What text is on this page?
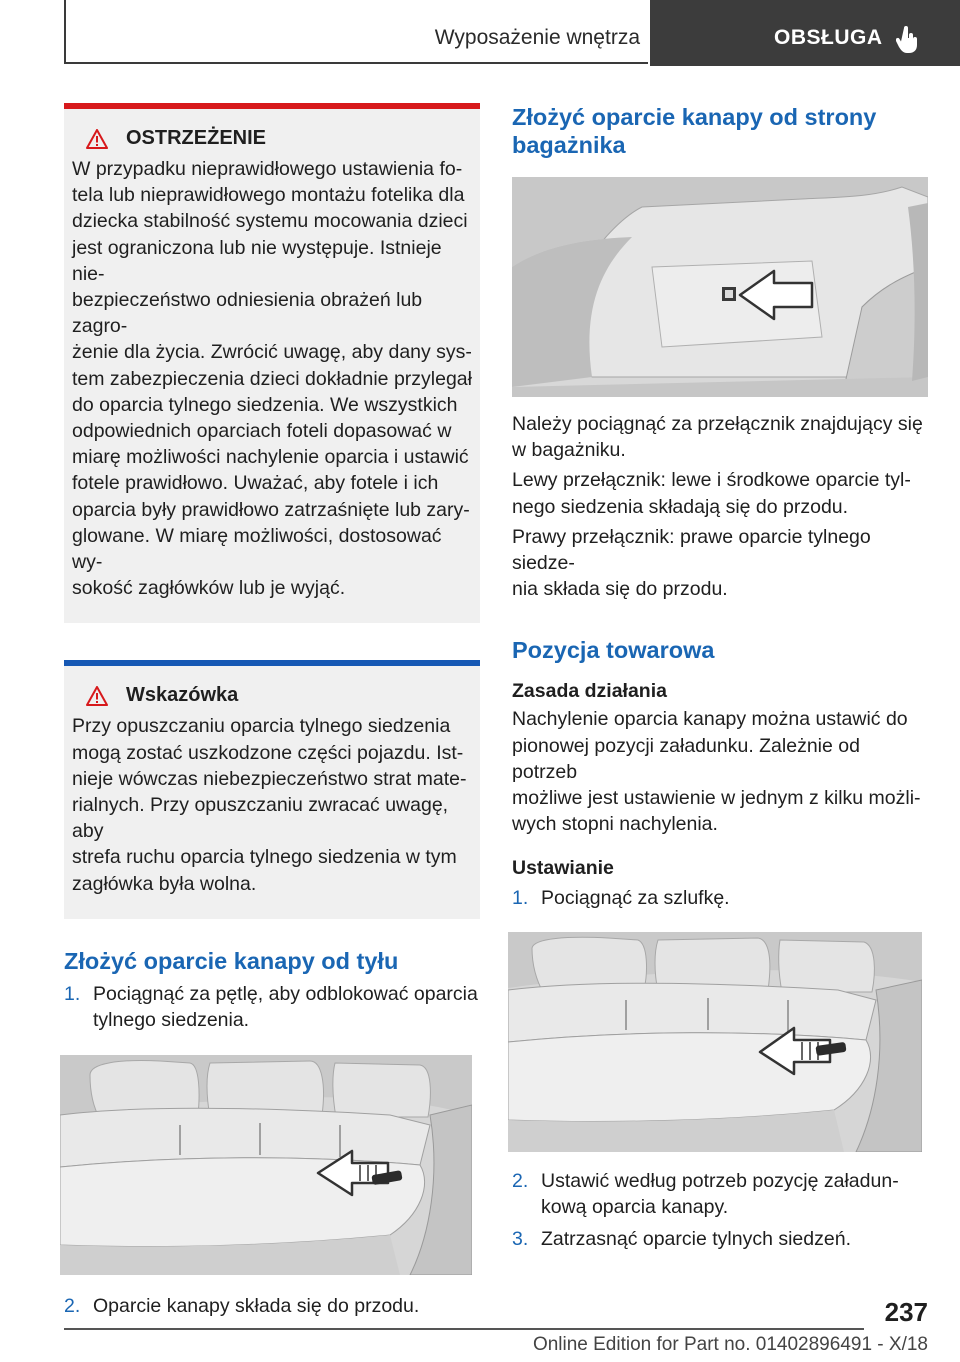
Wyposażenie wnętrza	OBSŁUGA
OSTRZEŻENIE
W przypadku nieprawidłowego ustawienia fo‐
tela lub nieprawidłowego montażu fotelika dla
dziecka stabilność systemu mocowania dzieci
jest ograniczona lub nie występuje. Istnieje nie‐
bezpieczeństwo odniesienia obrażeń lub zagro‐
żenie dla życia. Zwrócić uwagę, aby dany sys‐
tem zabezpieczenia dzieci dokładnie przylegał
do oparcia tylnego siedzenia. We wszystkich
odpowiednich oparciach foteli dopasować w
miarę możliwości nachylenie oparcia i ustawić
fotele prawidłowo. Uważać, aby fotele i ich
oparcia były prawidłowo zatrzaśnięte lub zary‐
glowane. W miarę możliwości, dostosować wy‐
sokość zagłówków lub je wyjąć.
Wskazówka
Przy opuszczaniu oparcia tylnego siedzenia
mogą zostać uszkodzone części pojazdu. Ist‐
nieje wówczas niebezpieczeństwo strat mate‐
rialnych. Przy opuszczaniu zwracać uwagę, aby
strefa ruchu oparcia tylnego siedzenia w tym
zagłówka była wolna.
Złożyć oparcie kanapy od tyłu
1. Pociągnąć za pętlę, aby odblokować oparcia
tylnego siedzenia.
2. Oparcie kanapy składa się do przodu.
Złożyć oparcie kanapy od strony
bagażnika

Należy pociągnąć za przełącznik znajdujący się
w bagażniku.

Lewy przełącznik: lewe i środkowe oparcie tyl‐
nego siedzenia składają się do przodu.

Prawy przełącznik: prawe oparcie tylnego siedze‐
nia składa się do przodu.

Pozycja towarowa
Zasada działania

Nachylenie oparcia kanapy można ustawić do
pionowej pozycji załadunku. Zależnie od potrzeb
możliwe jest ustawienie w jednym z kilku możli‐
wych stopni nachylenia.

Ustawianie
1. Pociągnąć za szlufkę.
2. Ustawić według potrzeb pozycję załadun‐
kową oparcia kanapy.
3. Zatrzasnąć oparcie tylnych siedzeń.
237
Online Edition for Part no. 01402896491 - X/18
